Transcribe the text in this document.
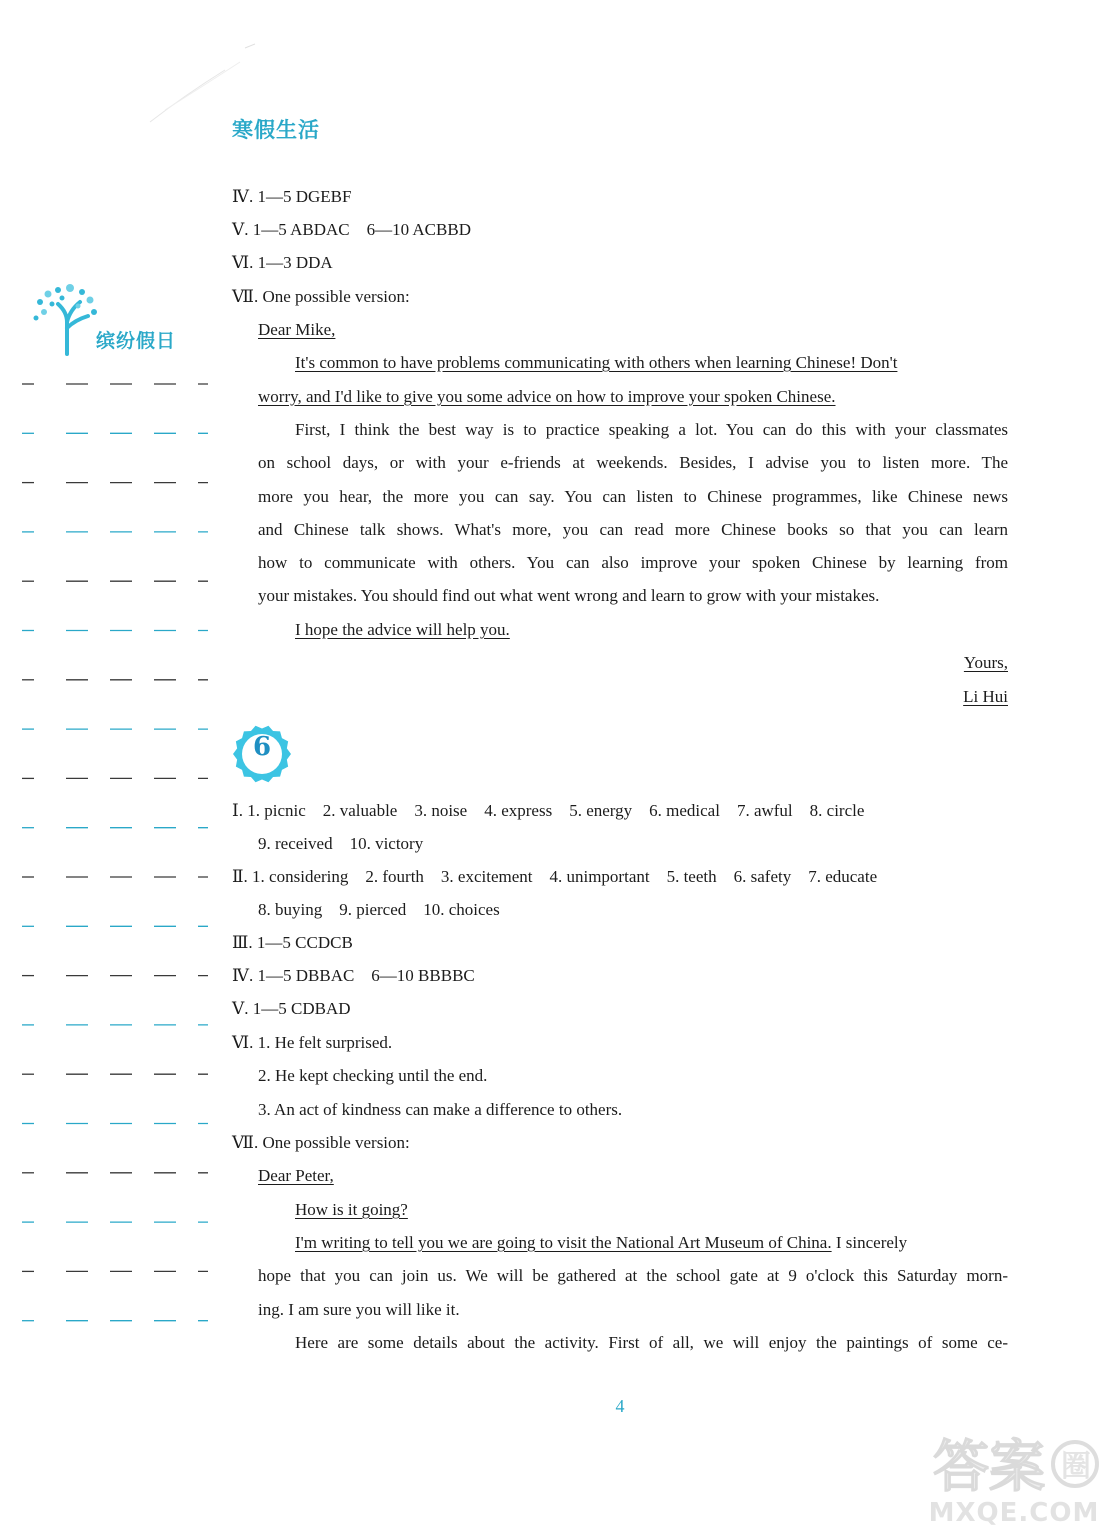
寒假生活
缤纷假日
Ⅳ. 1—5 DGEBF
Ⅴ. 1—5 ABDAC　6—10 ACBBD
Ⅵ. 1—3 DDA
Ⅶ. One possible version:
Dear Mike,
It's common to have problems communicating with others when learning Chinese! Don't
worry, and I'd like to give you some advice on how to improve your spoken Chinese.
First, I think the best way is to practice speaking a lot. You can do this with your classmates
on school days, or with your e-friends at weekends. Besides, I advise you to listen more. The
more you hear, the more you can say. You can listen to Chinese programmes, like Chinese news
and Chinese talk shows. What's more, you can read more Chinese books so that you can learn
how to communicate with others. You can also improve your spoken Chinese by learning from
your mistakes. You should find out what went wrong and learn to grow with your mistakes.
I hope the advice will help you.
Yours,
Li Hui
Ⅰ. 1. picnic　2. valuable　3. noise　4. express　5. energy　6. medical　7. awful　8. circle
9. received　10. victory
Ⅱ. 1. considering　2. fourth　3. excitement　4. unimportant　5. teeth　6. safety　7. educate
8. buying　9. pierced　10. choices
Ⅲ. 1—5 CCDCB
Ⅳ. 1—5 DBBAC　6—10 BBBBC
Ⅴ. 1—5 CDBAD
Ⅵ. 1. He felt surprised.
2. He kept checking until the end.
3. An act of kindness can make a difference to others.
Ⅶ. One possible version:
Dear Peter,
How is it going?
I'm writing to tell you we are going to visit the National Art Museum of China. I sincerely
hope that you can join us. We will be gathered at the school gate at 9 o'clock this Saturday morn-
ing. I am sure you will like it.
Here are some details about the activity. First of all, we will enjoy the paintings of some ce-
6
4
答案 圈
MXQE.COM
